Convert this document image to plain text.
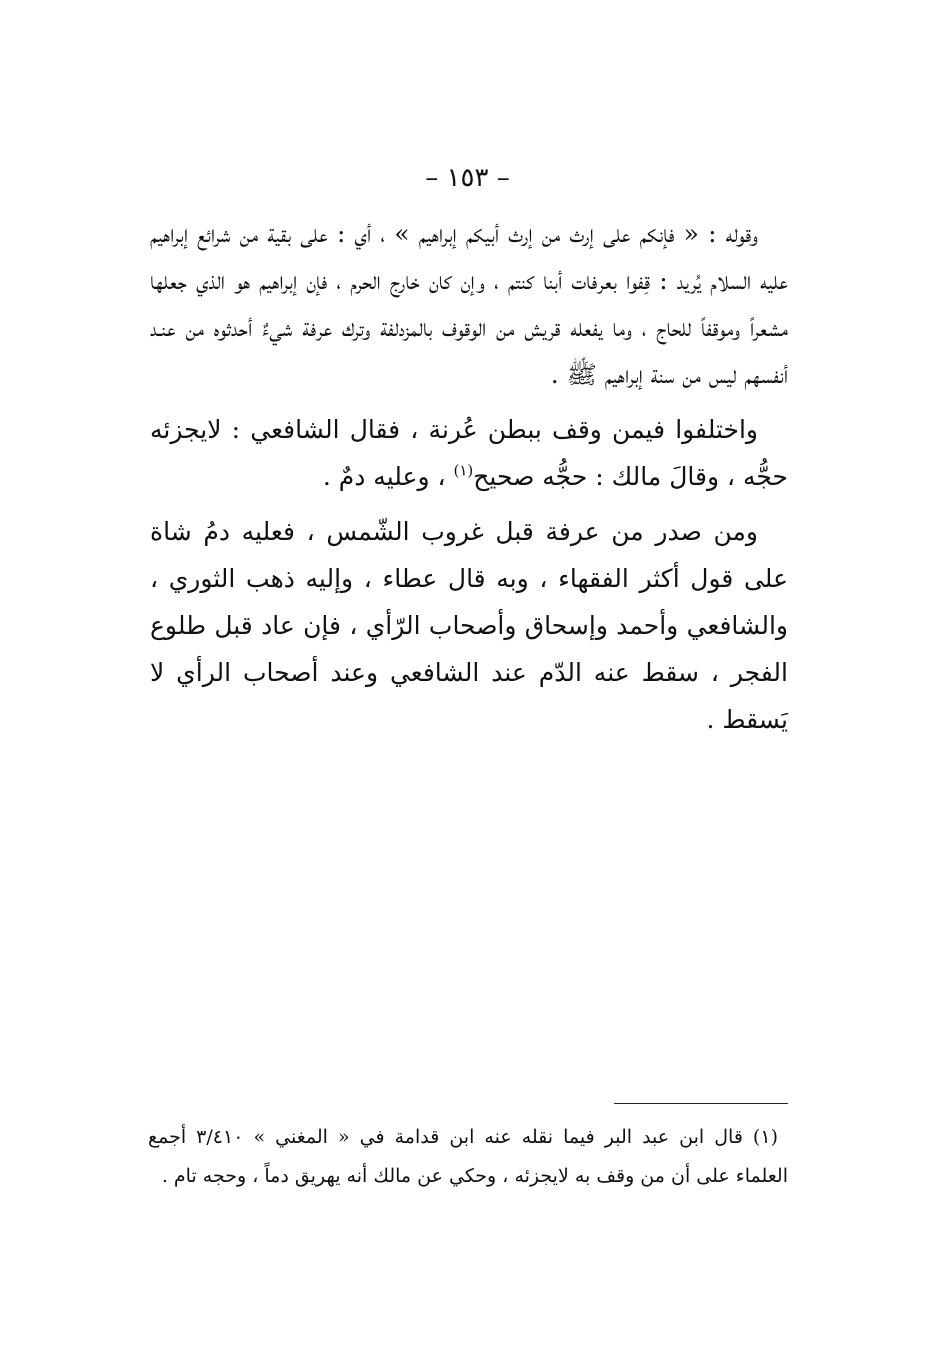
– ١٥٣ –

وقوله : « فإنكم على إرث من إرث أبيكم إبراهيم » ، أي : على بقية من شرائع إبراهيم عليه السلام يُريد : قِفوا بعرفات أبنا كنتم ، وإن كان خارج الحرم ، فإن إبراهيم هو الذي جعلها مشعراً وموقفاً للحاج ، وما يفعله قريش من الوقوف بالمزدلفة وترك عرفة شيءٌ أحدثوه من عنـد أنفسهم ليس من سنة إبراهيم ﷺ .

واختلفوا فيمن وقف ببطن عُرنة ، فقال الشافعي : لايجزئه حجُّه ، وقالَ مالك : حجُّه صحيح$^{(١)}$ ، وعليه دمٌ .

ومن صدر من عرفة قبل غروب الشّمس ، فعليه دمُ شاة على قول أكثر الفقهاء ، وبه قال عطاء ، وإليه ذهب الثوري ، والشافعي وأحمد وإسحاق وأصحاب الرّأي ، فإن عاد قبل طلوع الفجر ، سقط عنه الدّم عند الشافعي وعند أصحاب الرأي لا يَسقط .

(١)قال ابن عبد البر فيما نقله عنه ابن قدامة في « المغني » ٣/٤١٠ أجمع العلماء على أن من وقف به لايجزئه ، وحكي عن مالك أنه يهريق دماً ، وحجه تام .
